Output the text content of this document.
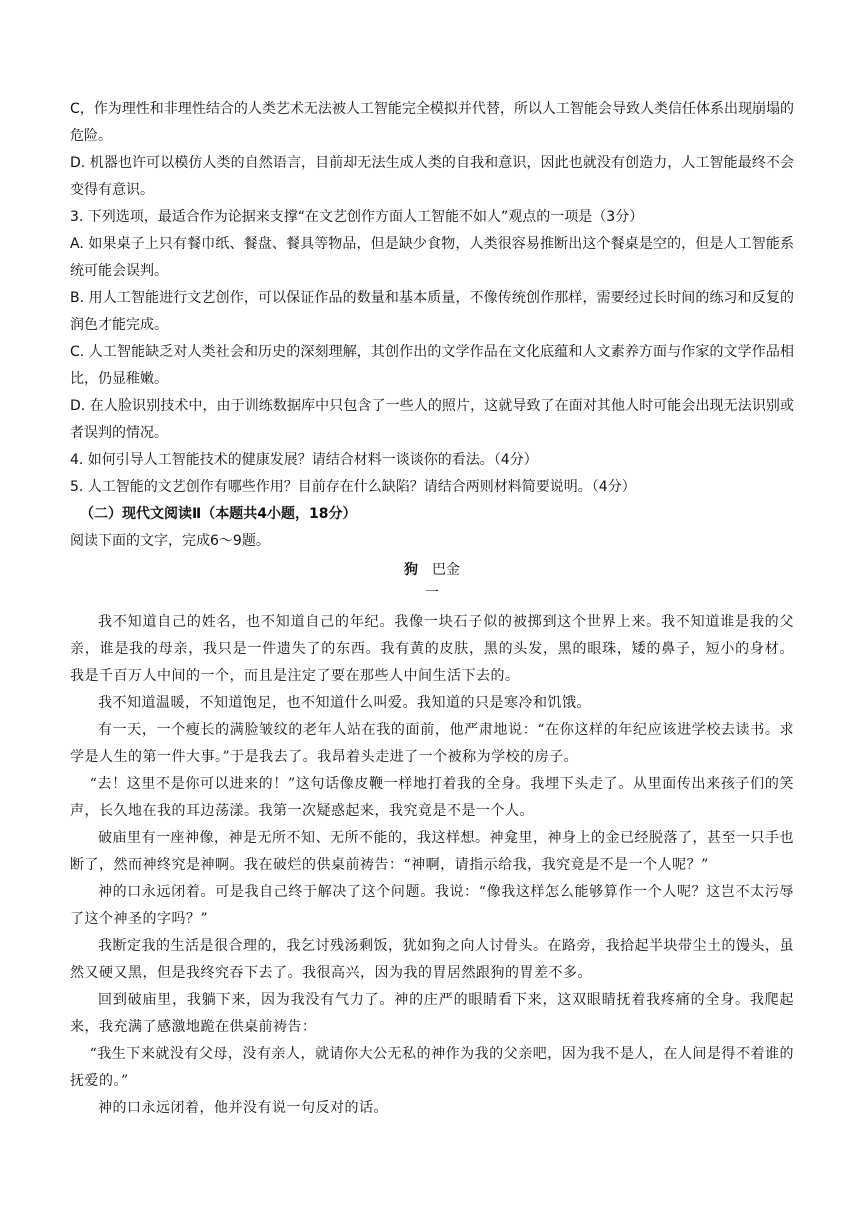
C，作为理性和非理性结合的人类艺术无法被人工智能完全模拟并代替，所以人工智能会导致人类信任体系出现崩塌的危险。

D. 机器也许可以模仿人类的自然语言，目前却无法生成人类的自我和意识，因此也就没有创造力，人工智能最终不会变得有意识。

3. 下列选项，最适合作为论据来支撑“在文艺创作方面人工智能不如人”观点的一项是（3分）

A. 如果桌子上只有餐巾纸、餐盘、餐具等物品，但是缺少食物，人类很容易推断出这个餐桌是空的，但是人工智能系统可能会误判。

B. 用人工智能进行文艺创作，可以保证作品的数量和基本质量，不像传统创作那样，需要经过长时间的练习和反复的润色才能完成。

C. 人工智能缺乏对人类社会和历史的深刻理解，其创作出的文学作品在文化底蕴和人文素养方面与作家的文学作品相比，仍显稚嫩。

D. 在人脸识别技术中，由于训练数据库中只包含了一些人的照片，这就导致了在面对其他人时可能会出现无法识别或者误判的情况。

4. 如何引导人工智能技术的健康发展？请结合材料一谈谈你的看法。（4分）

5. 人工智能的文艺创作有哪些作用？目前存在什么缺陷？请结合两则材料简要说明。（4分）

（二）现代文阅读Ⅱ（本题共4小题，18分）

阅读下面的文字，完成6～9题。

狗 巴金
一

我不知道自己的姓名，也不知道自己的年纪。我像一块石子似的被掷到这个世界上来。我不知道谁是我的父亲，谁是我的母亲，我只是一件遗失了的东西。我有黄的皮肤，黑的头发，黑的眼珠，矮的鼻子，短小的身材。我是千百万人中间的一个，而且是注定了要在那些人中间生活下去的。

我不知道温暖，不知道饱足，也不知道什么叫爱。我知道的只是寒冷和饥饿。

有一天，一个瘦长的满脸皱纹的老年人站在我的面前，他严肃地说：“在你这样的年纪应该进学校去读书。求学是人生的第一件大事。”于是我去了。我昂着头走进了一个被称为学校的房子。

“去！这里不是你可以进来的！”这句话像皮鞭一样地打着我的全身。我埋下头走了。从里面传出来孩子们的笑声，长久地在我的耳边荡漾。我第一次疑惑起来，我究竟是不是一个人。

破庙里有一座神像，神是无所不知、无所不能的，我这样想。神龛里，神身上的金已经脱落了，甚至一只手也断了，然而神终究是神啊。我在破烂的供桌前祷告：“神啊，请指示给我，我究竟是不是一个人呢？”

神的口永远闭着。可是我自己终于解决了这个问题。我说：“像我这样怎么能够算作一个人呢？这岂不太污辱了这个神圣的字吗？”

我断定我的生活是很合理的，我乞讨残汤剩饭，犹如狗之向人讨骨头。在路旁，我拾起半块带尘土的馒头，虽然又硬又黑，但是我终究吞下去了。我很高兴，因为我的胃居然跟狗的胃差不多。

回到破庙里，我躺下来，因为我没有气力了。神的庄严的眼睛看下来，这双眼睛抚着我疼痛的全身。我爬起来，我充满了感激地跪在供桌前祷告：

“我生下来就没有父母，没有亲人，就请你大公无私的神作为我的父亲吧，因为我不是人，在人间是得不着谁的抚爱的。”

神的口永远闭着，他并没有说一句反对的话。
